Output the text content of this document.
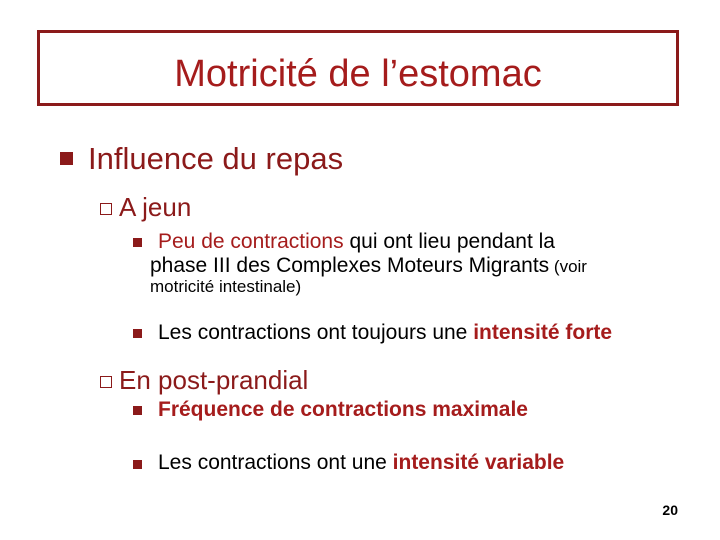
Motricité de l’estomac
Influence du repas
A jeun
Peu de contractions qui ont lieu pendant la
phase III des Complexes Moteurs Migrants (voir
motricité intestinale)
Les contractions ont toujours une intensité forte
En post-prandial
Fréquence de contractions maximale
Les contractions ont une intensité variable
20
